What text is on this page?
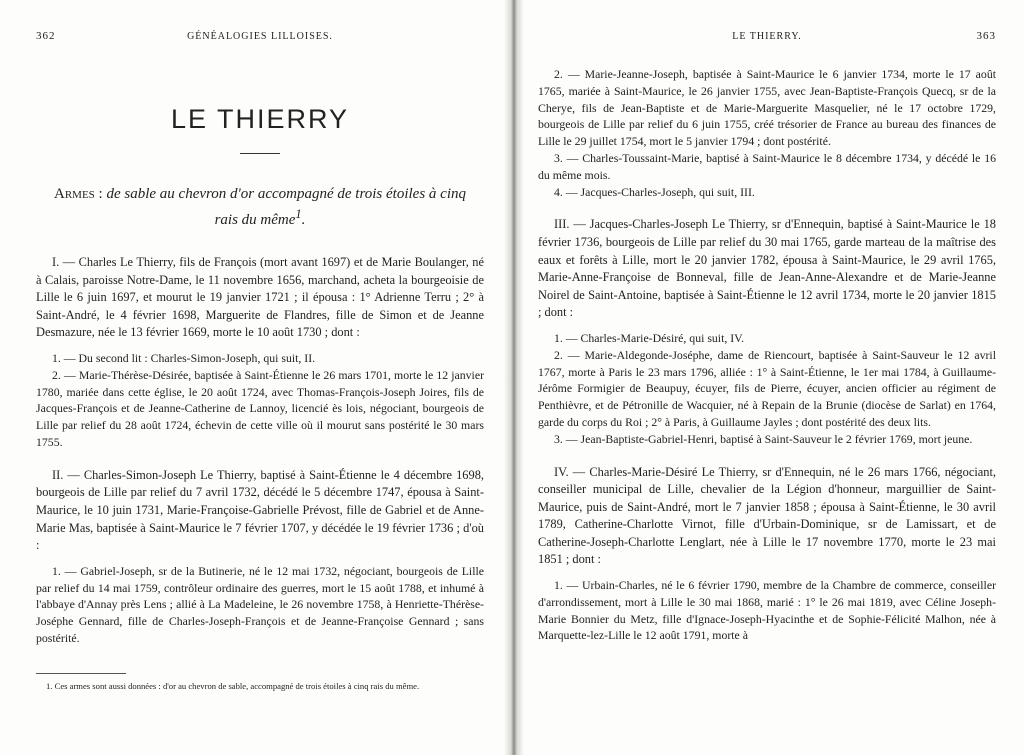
362	GÉNÉALOGIES LILLOISES.
LE THIERRY

Armes : de sable au chevron d'or accompagné de trois étoiles à cinq rais du même$^1$.

I. — Charles Le Thierry, fils de François (mort avant 1697) et de Marie Boulanger, né à Calais, paroisse Notre-Dame, le 11 novembre 1656, marchand, acheta la bourgeoisie de Lille le 6 juin 1697, et mourut le 19 janvier 1721 ; il épousa : 1° Adrienne Terru ; 2° à Saint-André, le 4 février 1698, Marguerite de Flandres, fille de Simon et de Jeanne Desmazure, née le 13 février 1669, morte le 10 août 1730 ; dont :

1. — Du second lit : Charles-Simon-Joseph, qui suit, II.

2. — Marie-Thérèse-Désirée, baptisée à Saint-Étienne le 26 mars 1701, morte le 12 janvier 1780, mariée dans cette église, le 20 août 1724, avec Thomas-François-Joseph Joires, fils de Jacques-François et de Jeanne-Catherine de Lannoy, licencié ès lois, négociant, bourgeois de Lille par relief du 28 août 1724, échevin de cette ville où il mourut sans postérité le 30 mars 1755.

II. — Charles-Simon-Joseph Le Thierry, baptisé à Saint-Étienne le 4 décembre 1698, bourgeois de Lille par relief du 7 avril 1732, décédé le 5 décembre 1747, épousa à Saint-Maurice, le 10 juin 1731, Marie-Françoise-Gabrielle Prévost, fille de Gabriel et de Anne-Marie Mas, baptisée à Saint-Maurice le 7 février 1707, y décédée le 19 février 1736 ; d'où :

1. — Gabriel-Joseph, sr de la Butinerie, né le 12 mai 1732, négociant, bourgeois de Lille par relief du 14 mai 1759, contrôleur ordinaire des guerres, mort le 15 août 1788, et inhumé à l'abbaye d'Annay près Lens ; allié à La Madeleine, le 26 novembre 1758, à Henriette-Thérèse-Joséphe Gennard, fille de Charles-Joseph-François et de Jeanne-Françoise Gennard ; sans postérité.

1. Ces armes sont aussi données : d'or au chevron de sable, accompagné de trois étoiles à cinq rais du même.

LE THIERRY.	363

2. — Marie-Jeanne-Joseph, baptisée à Saint-Maurice le 6 janvier 1734, morte le 17 août 1765, mariée à Saint-Maurice, le 26 janvier 1755, avec Jean-Baptiste-François Quecq, sr de la Cherye, fils de Jean-Baptiste et de Marie-Marguerite Masquelier, né le 17 octobre 1729, bourgeois de Lille par relief du 6 juin 1755, créé trésorier de France au bureau des finances de Lille le 29 juillet 1754, mort le 5 janvier 1794 ; dont postérité.

3. — Charles-Toussaint-Marie, baptisé à Saint-Maurice le 8 décembre 1734, y décédé le 16 du même mois.

4. — Jacques-Charles-Joseph, qui suit, III.

III. — Jacques-Charles-Joseph Le Thierry, sr d'Ennequin, baptisé à Saint-Maurice le 18 février 1736, bourgeois de Lille par relief du 30 mai 1765, garde marteau de la maîtrise des eaux et forêts à Lille, mort le 20 janvier 1782, épousa à Saint-Maurice, le 29 avril 1765, Marie-Anne-Françoise de Bonneval, fille de Jean-Anne-Alexandre et de Marie-Jeanne Noirel de Saint-Antoine, baptisée à Saint-Étienne le 12 avril 1734, morte le 20 janvier 1815 ; dont :

1. — Charles-Marie-Désiré, qui suit, IV.

2. — Marie-Aldegonde-Joséphe, dame de Riencourt, baptisée à Saint-Sauveur le 12 avril 1767, morte à Paris le 23 mars 1796, alliée : 1° à Saint-Étienne, le 1er mai 1784, à Guillaume-Jérôme Formigier de Beaupuy, écuyer, fils de Pierre, écuyer, ancien officier au régiment de Penthièvre, et de Pétronille de Wacquier, né à Repain de la Brunie (diocèse de Sarlat) en 1764, garde du corps du Roi ; 2° à Paris, à Guillaume Jayles ; dont postérité des deux lits.

3. — Jean-Baptiste-Gabriel-Henri, baptisé à Saint-Sauveur le 2 février 1769, mort jeune.

IV. — Charles-Marie-Désiré Le Thierry, sr d'Ennequin, né le 26 mars 1766, négociant, conseiller municipal de Lille, chevalier de la Légion d'honneur, marguillier de Saint-Maurice, puis de Saint-André, mort le 7 janvier 1858 ; épousa à Saint-Étienne, le 30 avril 1789, Catherine-Charlotte Virnot, fille d'Urbain-Dominique, sr de Lamissart, et de Catherine-Joseph-Charlotte Lenglart, née à Lille le 17 novembre 1770, morte le 23 mai 1851 ; dont :

1. — Urbain-Charles, né le 6 février 1790, membre de la Chambre de commerce, conseiller d'arrondissement, mort à Lille le 30 mai 1868, marié : 1° le 26 mai 1819, avec Céline Joseph-Marie Bonnier du Metz, fille d'Ignace-Joseph-Hyacinthe et de Sophie-Félicité Malhon, née à Marquette-lez-Lille le 12 août 1791, morte à
